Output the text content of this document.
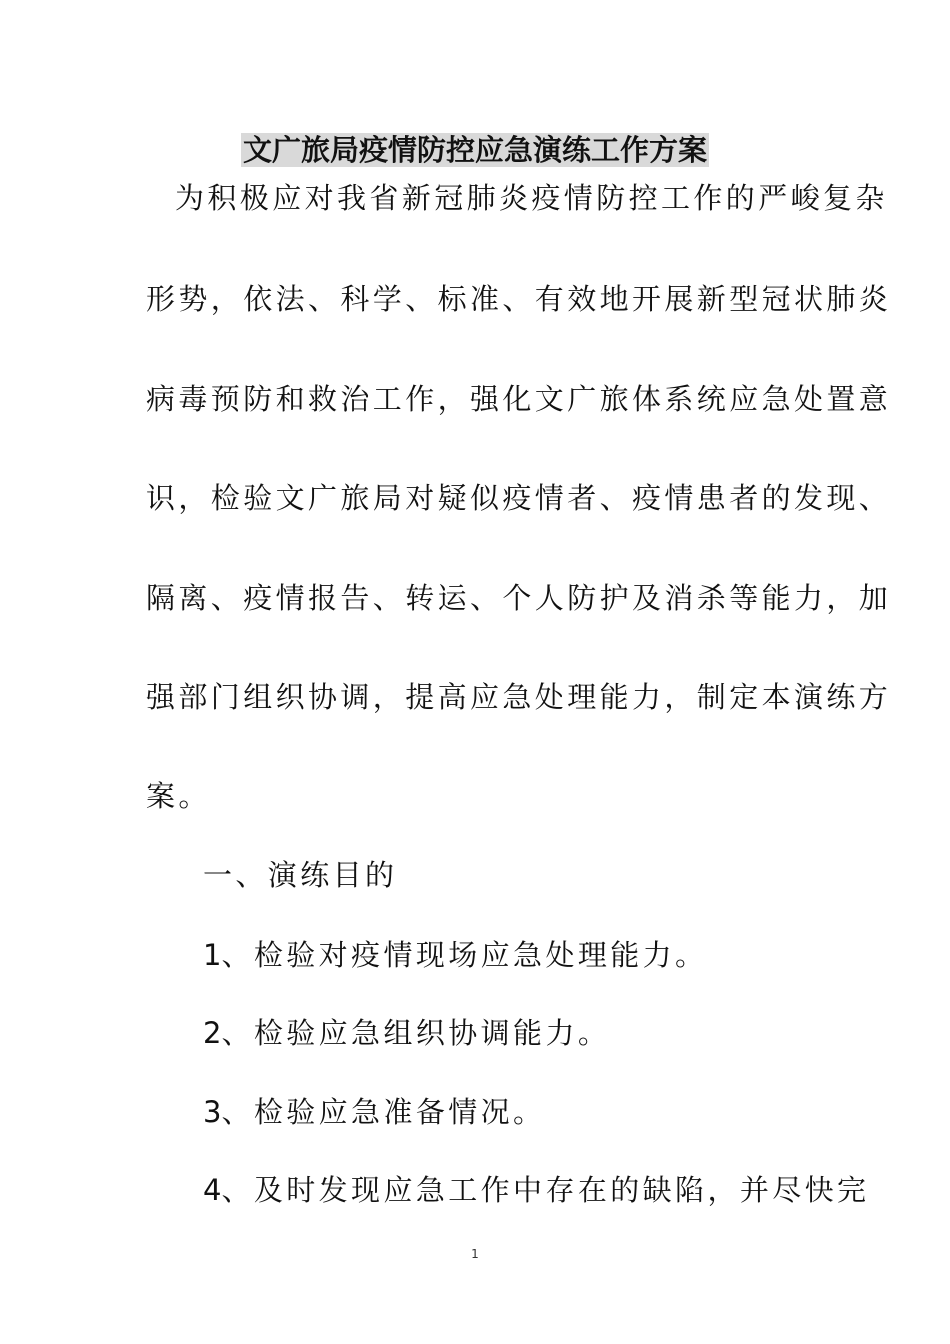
文广旅局疫情防控应急演练工作方案
为积极应对我省新冠肺炎疫情防控工作的严峻复杂
形势，依法、科学、标准、有效地开展新型冠状肺炎
病毒预防和救治工作，强化文广旅体系统应急处置意
识，检验文广旅局对疑似疫情者、疫情患者的发现、
隔离、疫情报告、转运、个人防护及消杀等能力，加
强部门组织协调，提高应急处理能力，制定本演练方
案。
一、演练目的
1、检验对疫情现场应急处理能力。
2、检验应急组织协调能力。
3、检验应急准备情况。
4、及时发现应急工作中存在的缺陷，并尽快完
1
